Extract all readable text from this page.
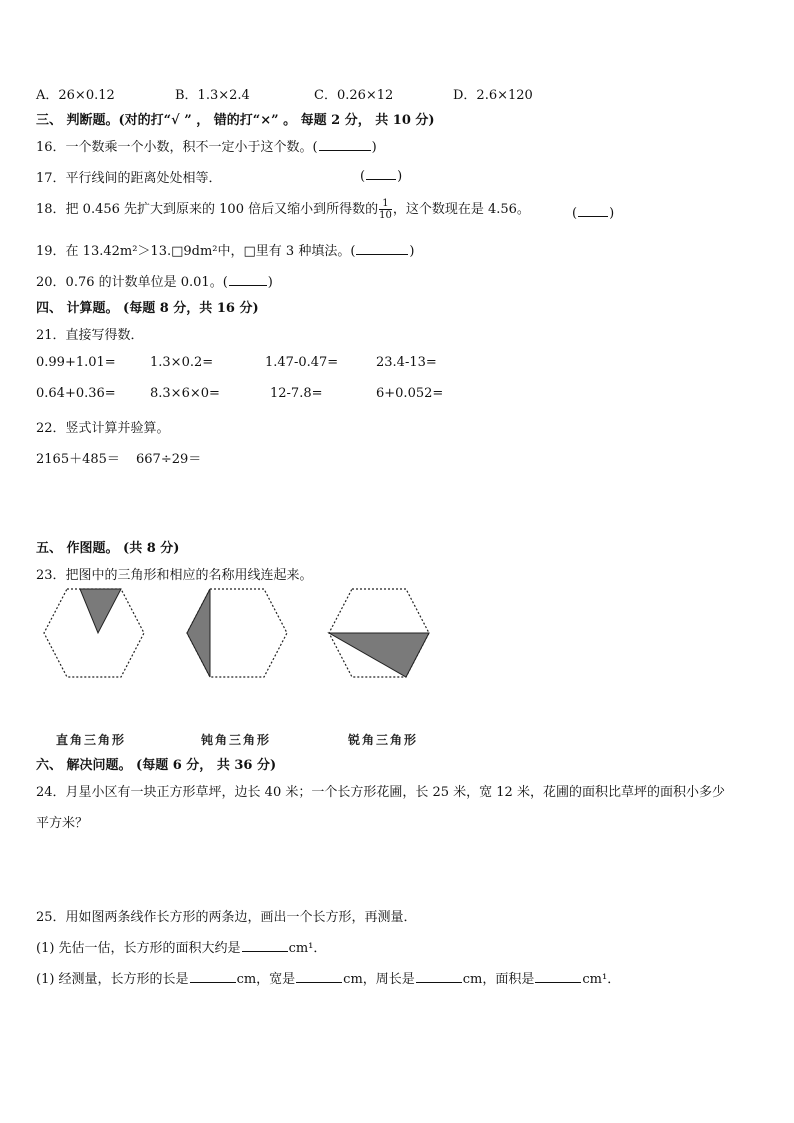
A．26×0.12	B．1.3×2.4	C．0.26×12	D．2.6×120
三、 判断题。(对的打“√ ” ， 错的打“×” 。 每题 2 分， 共 10 分)
16．一个数乘一个小数，积不一定小于这个数。(	)
17．平行线间的距离处处相等．	( )
18．把 0.456 先扩大到原来的 100 倍后又缩小到所得数的 $\frac{1}{10}$ ，这个数现在是 4.56。	( )
19．在 13.42m²＞13.□9dm²中，□里有 3 种填法。(	)
20．0.76 的计数单位是 0.01。(	)
四、 计算题。 (每题 8 分，共 16 分)
21．直接写得数．
0.99+1.01=	1.3×0.2=	1.47-0.47=	23.4-13=
0.64+0.36=	8.3×6×0=	12-7.8=	6+0.052=
22．竖式计算并验算。
2165＋485＝ 667÷29＝
五、 作图题。 (共 8 分)
23．把图中的三角形和相应的名称用线连起来。
直角三角形	钝角三角形	锐角三角形
六、 解决问题。 (每题 6 分， 共 36 分)
24．月星小区有一块正方形草坪，边长 40 米；一个长方形花圃，长 25 米，宽 12 米，花圃的面积比草坪的面积小多少
平方米？
25．用如图两条线作长方形的两条边，画出一个长方形，再测量．
(1) 先估一估，长方形的面积大约是	cm¹．
(1) 经测量，长方形的长是	cm，宽是	cm，周长是	cm，面积是	cm¹．
